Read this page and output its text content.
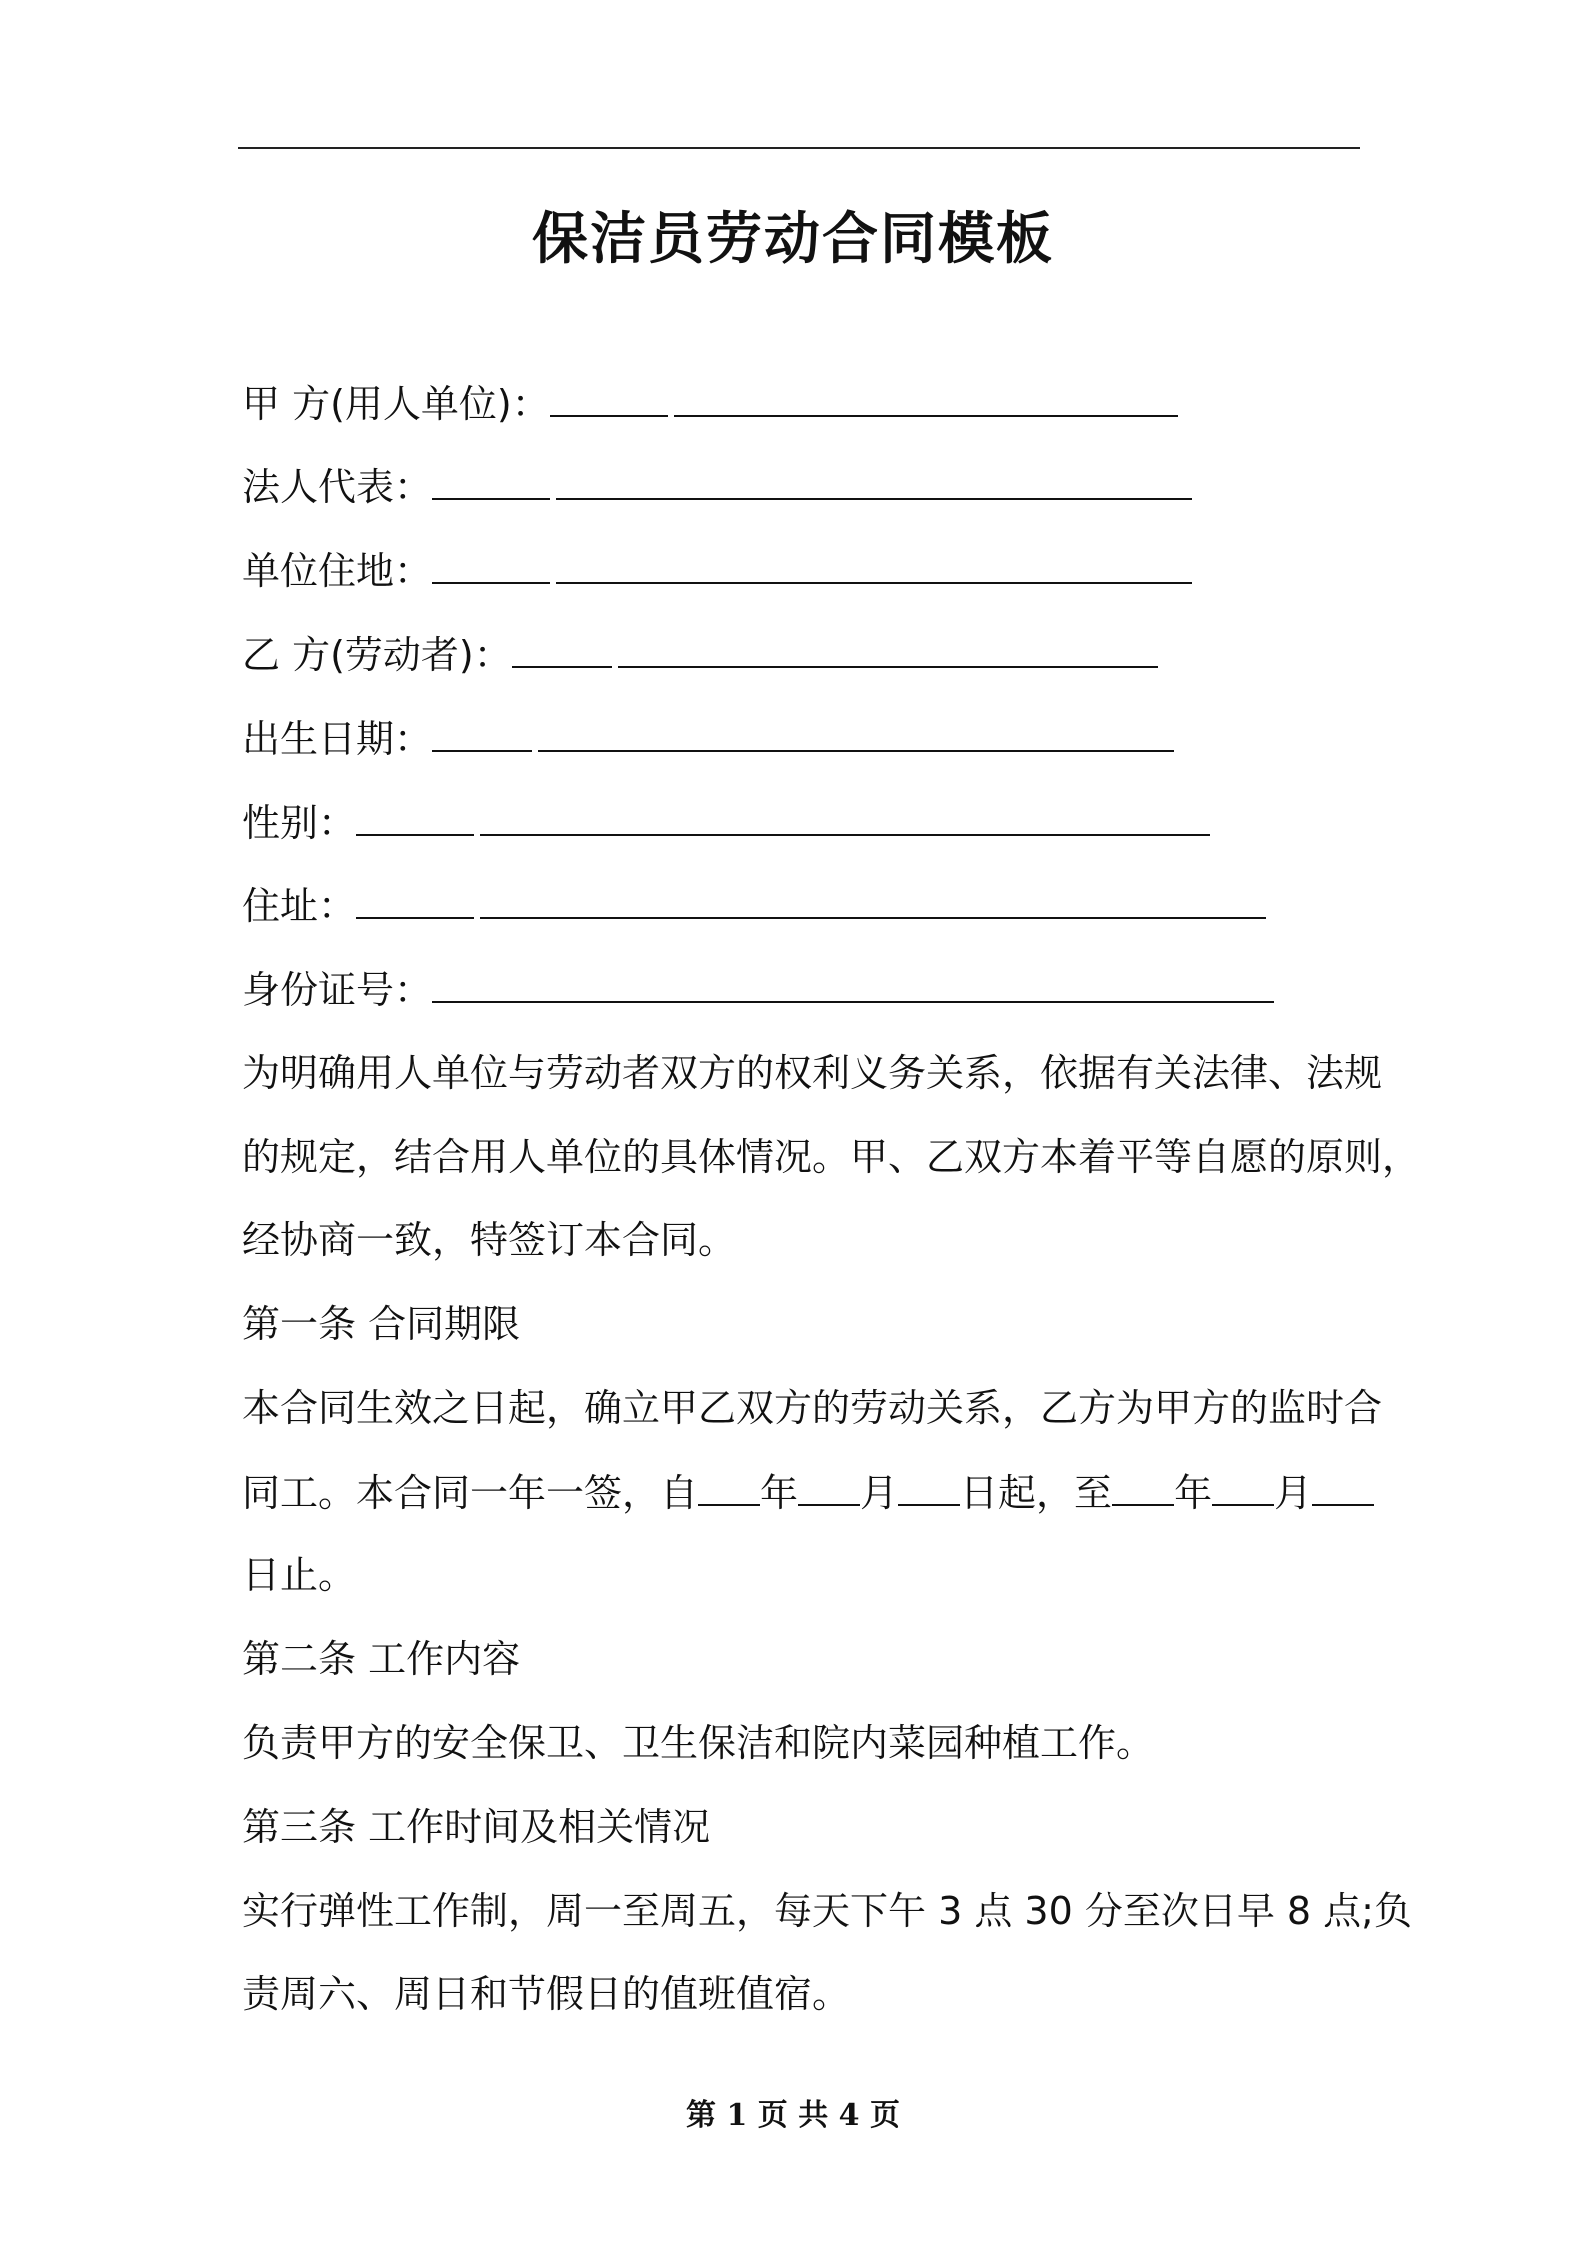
保洁员劳动合同模板
甲 方(用人单位)：
法人代表：
单位住地：
乙 方(劳动者)：
出生日期：
性别：
住址：
身份证号：
为明确用人单位与劳动者双方的权利义务关系，依据有关法律、法规
的规定，结合用人单位的具体情况。甲、乙双方本着平等自愿的原则，
经协商一致，特签订本合同。
第一条 合同期限
本合同生效之日起，确立甲乙双方的劳动关系，乙方为甲方的监时合
同工。本合同一年一签，自 年 月 日起，至 年 月
日止。
第二条 工作内容
负责甲方的安全保卫、卫生保洁和院内菜园种植工作。
第三条 工作时间及相关情况
实行弹性工作制，周一至周五，每天下午 3 点 30 分至次日早 8 点;负
责周六、周日和节假日的值班值宿。
第 1 页 共 4 页
